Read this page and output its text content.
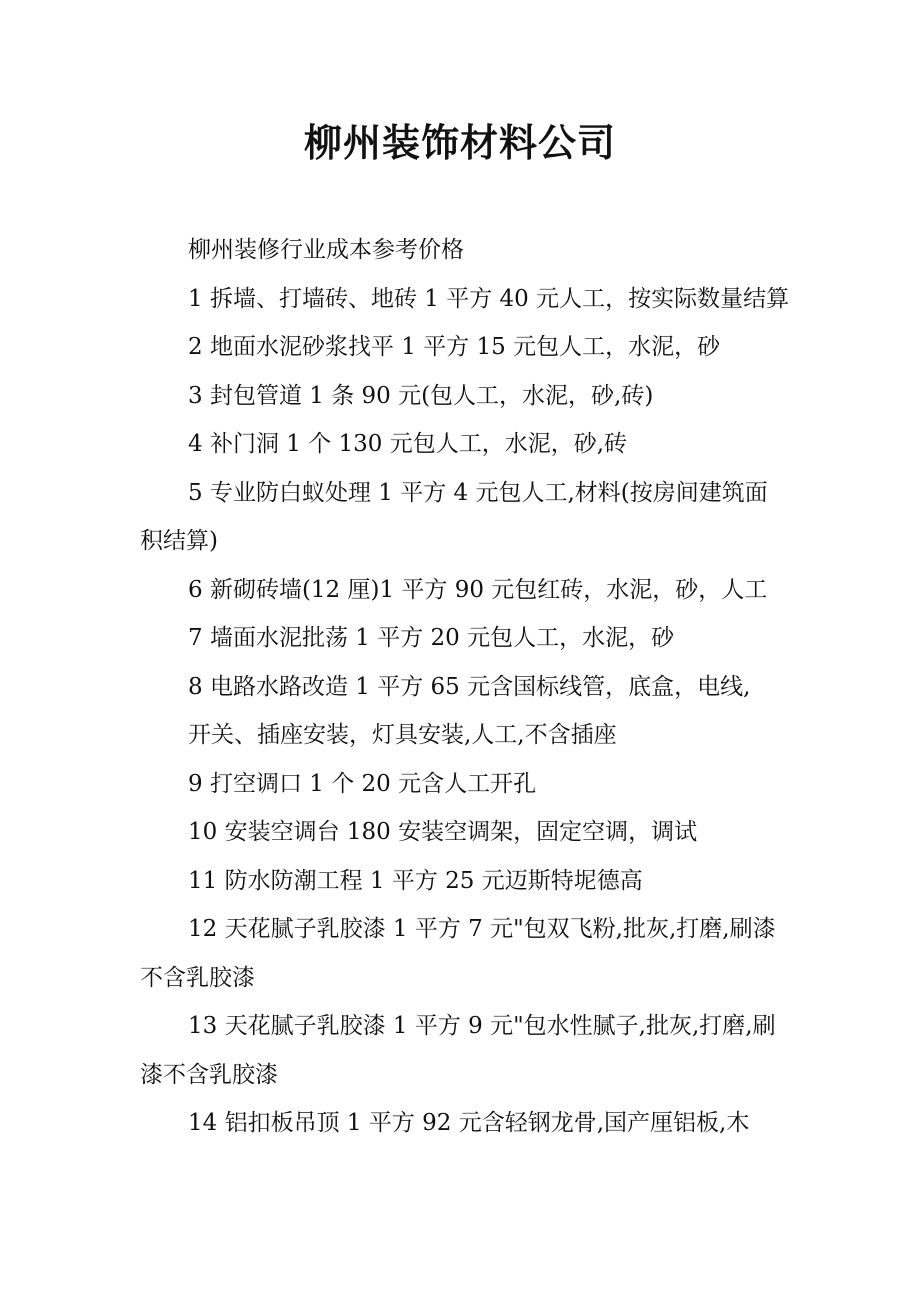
柳州装饰材料公司

柳州装修行业成本参考价格

1 拆墙、打墙砖、地砖 1 平方 40 元人工，按实际数量结算

2 地面水泥砂浆找平 1 平方 15 元包人工，水泥，砂

3 封包管道 1 条 90 元(包人工，水泥，砂,砖)

4 补门洞 1 个 130 元包人工，水泥，砂,砖

5 专业防白蚁处理 1 平方 4 元包人工,材料(按房间建筑面积结算)

6 新砌砖墙(12 厘)1 平方 90 元包红砖，水泥，砂，人工

7 墙面水泥批荡 1 平方 20 元包人工，水泥，砂

8 电路水路改造 1 平方 65 元含国标线管，底盒，电线,

开关、插座安装，灯具安装,人工,不含插座

9 打空调口 1 个 20 元含人工开孔

10 安装空调台 180 安装空调架，固定空调，调试

11 防水防潮工程 1 平方 25 元迈斯特坭德高

12 天花腻子乳胶漆 1 平方 7 元"包双飞粉,批灰,打磨,刷漆不含乳胶漆

13 天花腻子乳胶漆 1 平方 9 元"包水性腻子,批灰,打磨,刷漆不含乳胶漆

14 铝扣板吊顶 1 平方 92 元含轻钢龙骨,国产厘铝板,木
